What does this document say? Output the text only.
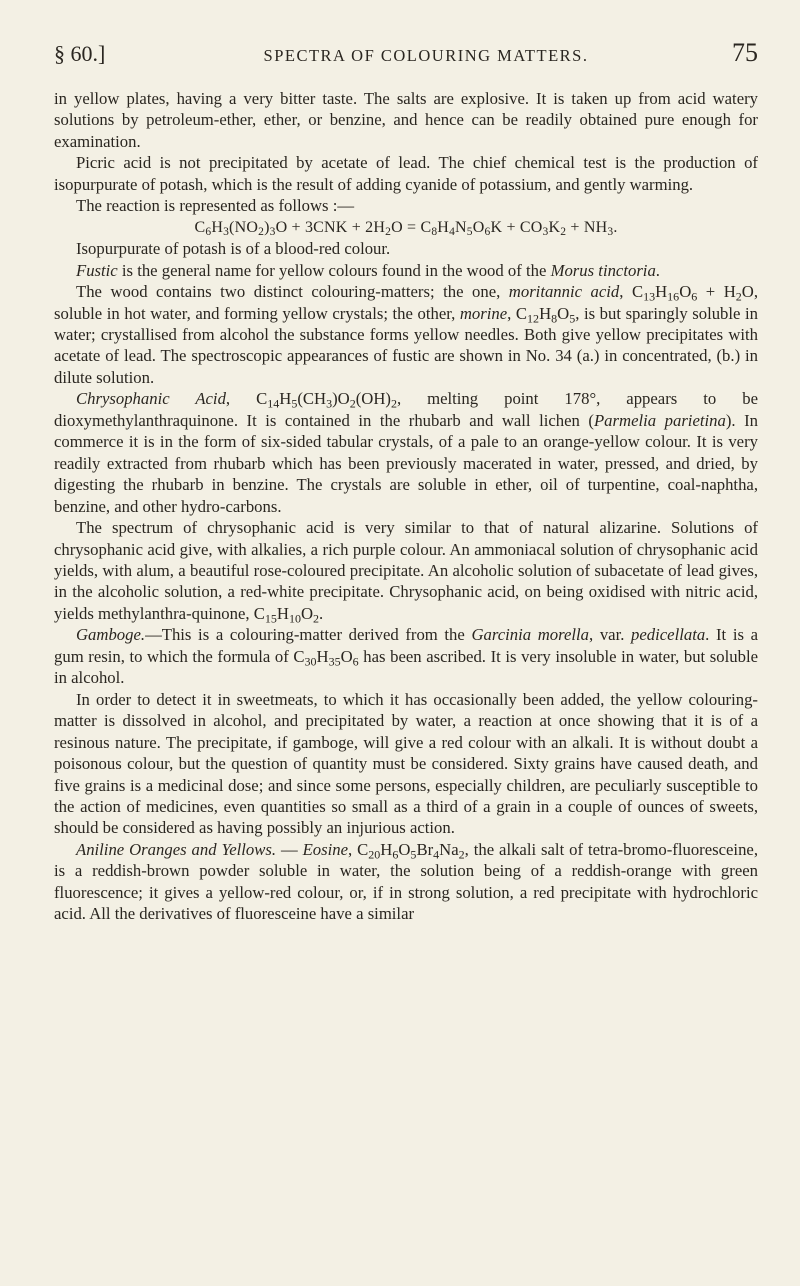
§ 60.]	SPECTRA OF COLOURING MATTERS.	75

in yellow plates, having a very bitter taste. The salts are explosive. It is taken up from acid watery solutions by petroleum-ether, ether, or benzine, and hence can be readily obtained pure enough for examination.

Picric acid is not precipitated by acetate of lead. The chief chemical test is the production of isopurpurate of potash, which is the result of adding cyanide of potassium, and gently warming.

The reaction is represented as follows :—

$C_6H_3(NO_2)_3O + 3CNK + 2H_2O = C_8H_4N_5O_6K + CO_3K_2 + NH_3$.

Isopurpurate of potash is of a blood-red colour.

Fustic is the general name for yellow colours found in the wood of the Morus tinctoria.

The wood contains two distinct colouring-matters; the one, moritannic acid, $C_{13}H_{16}O_6 + H_2O$, soluble in hot water, and forming yellow crystals; the other, morine, $C_{12}H_8O_5$, is but sparingly soluble in water; crystallised from alcohol the substance forms yellow needles. Both give yellow precipitates with acetate of lead. The spectroscopic appearances of fustic are shown in No. 34 (a.) in concentrated, (b.) in dilute solution.

Chrysophanic Acid, $C_{14}H_5(CH_3)O_2(OH)_2$, melting point 178°, appears to be dioxymethylanthraquinone. It is contained in the rhubarb and wall lichen (Parmelia parietina). In commerce it is in the form of six-sided tabular crystals, of a pale to an orange-yellow colour. It is very readily extracted from rhubarb which has been previously macerated in water, pressed, and dried, by digesting the rhubarb in benzine. The crystals are soluble in ether, oil of turpentine, coal-naphtha, benzine, and other hydro-carbons.

The spectrum of chrysophanic acid is very similar to that of natural alizarine. Solutions of chrysophanic acid give, with alkalies, a rich purple colour. An ammoniacal solution of chrysophanic acid yields, with alum, a beautiful rose-coloured precipitate. An alcoholic solution of subacetate of lead gives, in the alcoholic solution, a red-white precipitate. Chrysophanic acid, on being oxidised with nitric acid, yields methylanthra-quinone, $C_{15}H_{10}O_2$.

Gamboge.—This is a colouring-matter derived from the Garcinia morella, var. pedicellata. It is a gum resin, to which the formula of $C_{30}H_{35}O_6$ has been ascribed. It is very insoluble in water, but soluble in alcohol.

In order to detect it in sweetmeats, to which it has occasionally been added, the yellow colouring-matter is dissolved in alcohol, and precipitated by water, a reaction at once showing that it is of a resinous nature. The precipitate, if gamboge, will give a red colour with an alkali. It is without doubt a poisonous colour, but the question of quantity must be considered. Sixty grains have caused death, and five grains is a medicinal dose; and since some persons, especially children, are peculiarly susceptible to the action of medicines, even quantities so small as a third of a grain in a couple of ounces of sweets, should be considered as having possibly an injurious action.

Aniline Oranges and Yellows. — Eosine, $C_{20}H_6O_5Br_4Na_2$, the alkali salt of tetra-bromo-fluoresceine, is a reddish-brown powder soluble in water, the solution being of a reddish-orange with green fluorescence; it gives a yellow-red colour, or, if in strong solution, a red precipitate with hydrochloric acid. All the derivatives of fluoresceine have a similar
